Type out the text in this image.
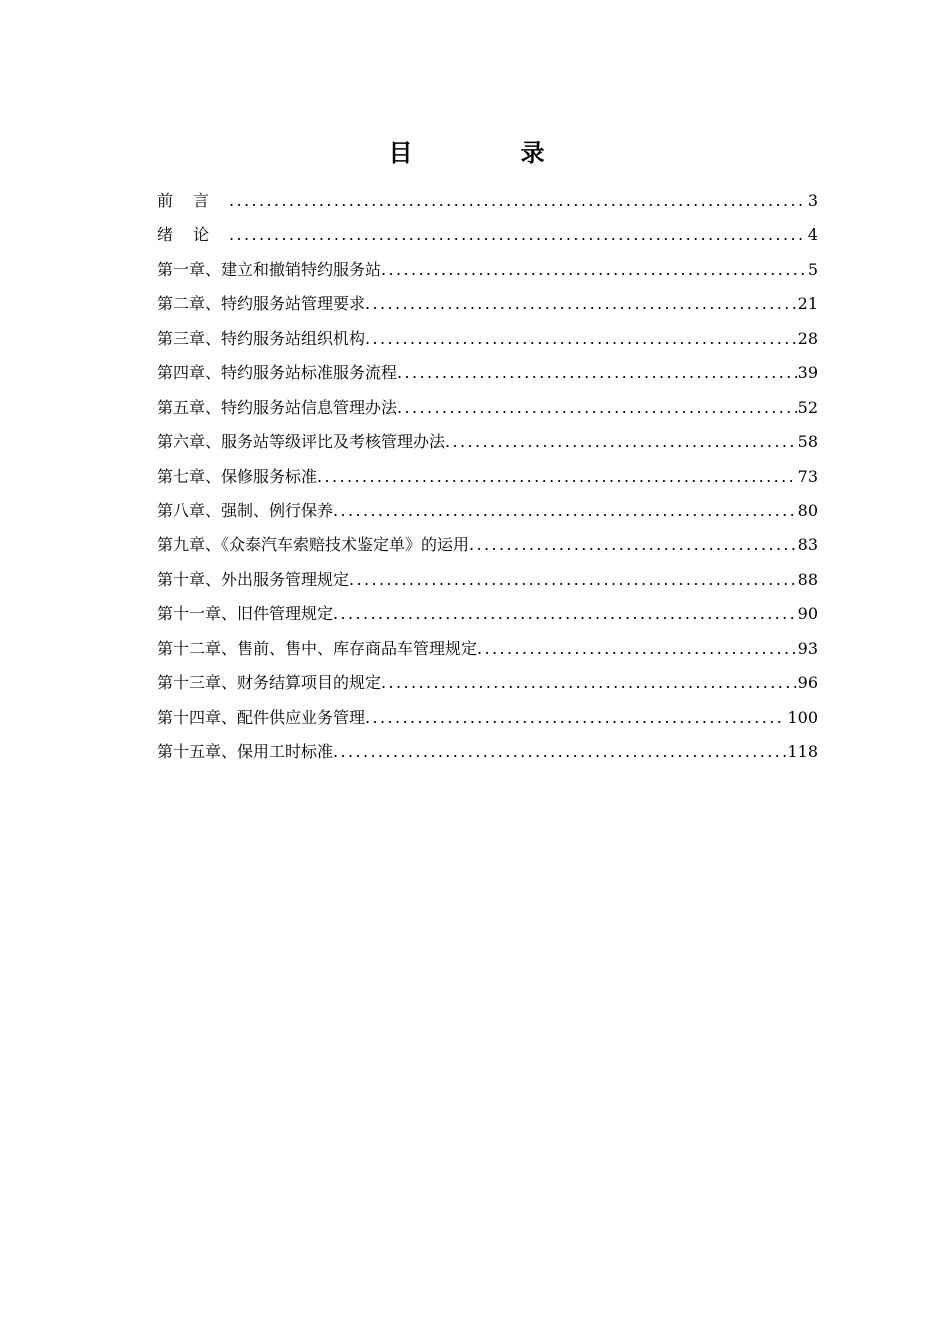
目　录
前言 .....	3
绪论 .....	4
第一章、建立和撤销特约服务站 .....	5
第二章、特约服务站管理要求 .....	21
第三章、特约服务站组织机构 .....	28
第四章、特约服务站标准服务流程 .....	39
第五章、特约服务站信息管理办法 .....	52
第六章、服务站等级评比及考核管理办法 .....	58
第七章、保修服务标准 .....	73
第八章、强制、例行保养 .....	80
第九章、《众泰汽车索赔技术鉴定单》的运用 .....	83
第十章、外出服务管理规定 .....	88
第十一章、旧件管理规定 .....	90
第十二章、售前、售中、库存商品车管理规定 .....	93
第十三章、财务结算项目的规定 .....	96
第十四章、配件供应业务管理 .....	100
第十五章、保用工时标准 .....	118
